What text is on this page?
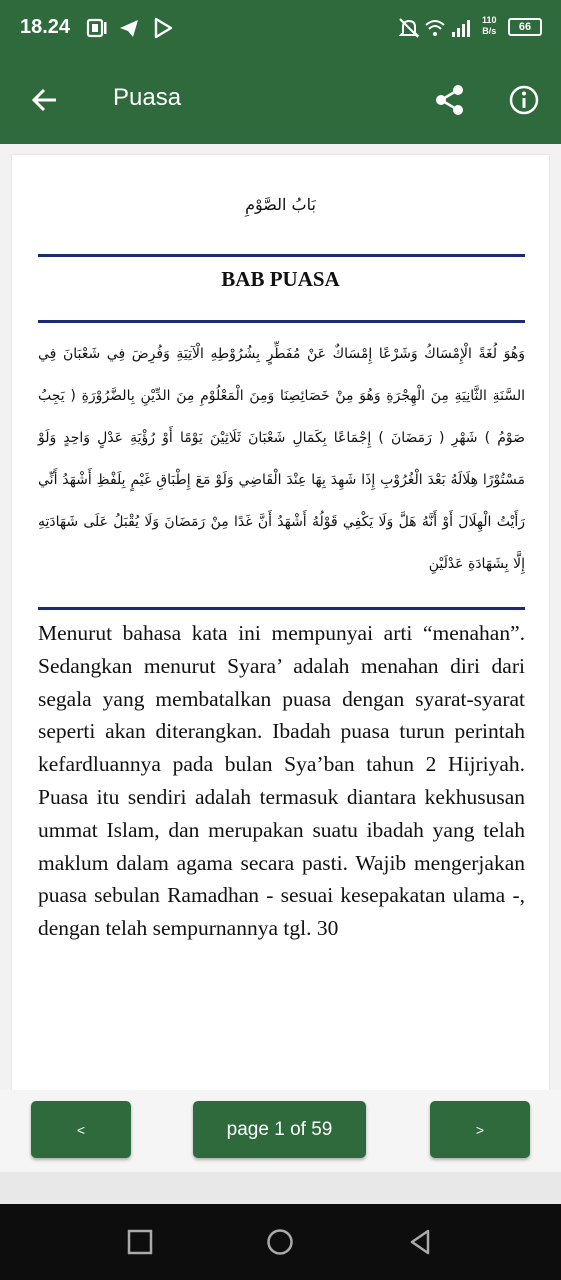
18.24	110
B/s	66
Puasa
بَابُ الصَّوْمِ
BAB PUASA
وَهُوَ لُغَةً الْإِمْسَاكُ وَشَرْعًا إِمْسَاكٌ عَنْ مُفَطِّرٍ بِشُرُوْطِهِ الْآتِيَةِ وَفُرِضَ فِي شَعْبَانَ فِي السَّنَةِ الثَّانِيَةِ مِنَ الْهِجْرَةِ وَهُوَ مِنْ خَصَائِصِنَا وَمِنَ الْمَعْلُوْمِ مِنَ الدِّيْنِ بِالضَّرُوْرَةِ ( يَجِبُ صَوْمُ ) شَهْرِ ( رَمَضَانَ ) إِجْمَاعًا بِكَمَالِ شَعْبَانَ ثَلَاثِيْنَ يَوْمًا أَوْ رُؤْيَةِ عَدْلٍ وَاحِدٍ وَلَوْ مَسْتُوْرًا هِلَالَهُ بَعْدَ الْغُرُوْبِ إِذَا شَهِدَ بِهَا عِنْدَ الْقَاضِي وَلَوْ مَعَ إِطْبَاقِ غَيْمٍ بِلَفْظِ أَشْهَدُ أَنِّي رَأَيْتُ الْهِلَالَ أَوْ أَنَّهُ هَلَّ وَلَا يَكْفِي قَوْلُهُ أَشْهَدُ أَنَّ غَدًا مِنْ رَمَضَانَ وَلَا يُقْبَلُ عَلَى شَهَادَتِهِ إِلَّا بِشَهَادَةِ عَدْلَيْنِ
Menurut bahasa kata ini mempunyai arti “menahan”. Sedangkan menurut Syara’ adalah menahan diri dari segala yang membatalkan puasa dengan syarat-syarat seperti akan diterangkan. Ibadah puasa turun perintah kefardluannya pada bulan Sya’ban tahun 2 Hijriyah. Puasa itu sendiri adalah termasuk diantara kekhususan ummat Islam, dan merupakan suatu ibadah yang telah maklum dalam agama secara pasti. Wajib mengerjakan puasa sebulan Ramadhan - sesuai kesepakatan ulama -, dengan telah sempurnannya tgl. 30
<	page 1 of 59	>
